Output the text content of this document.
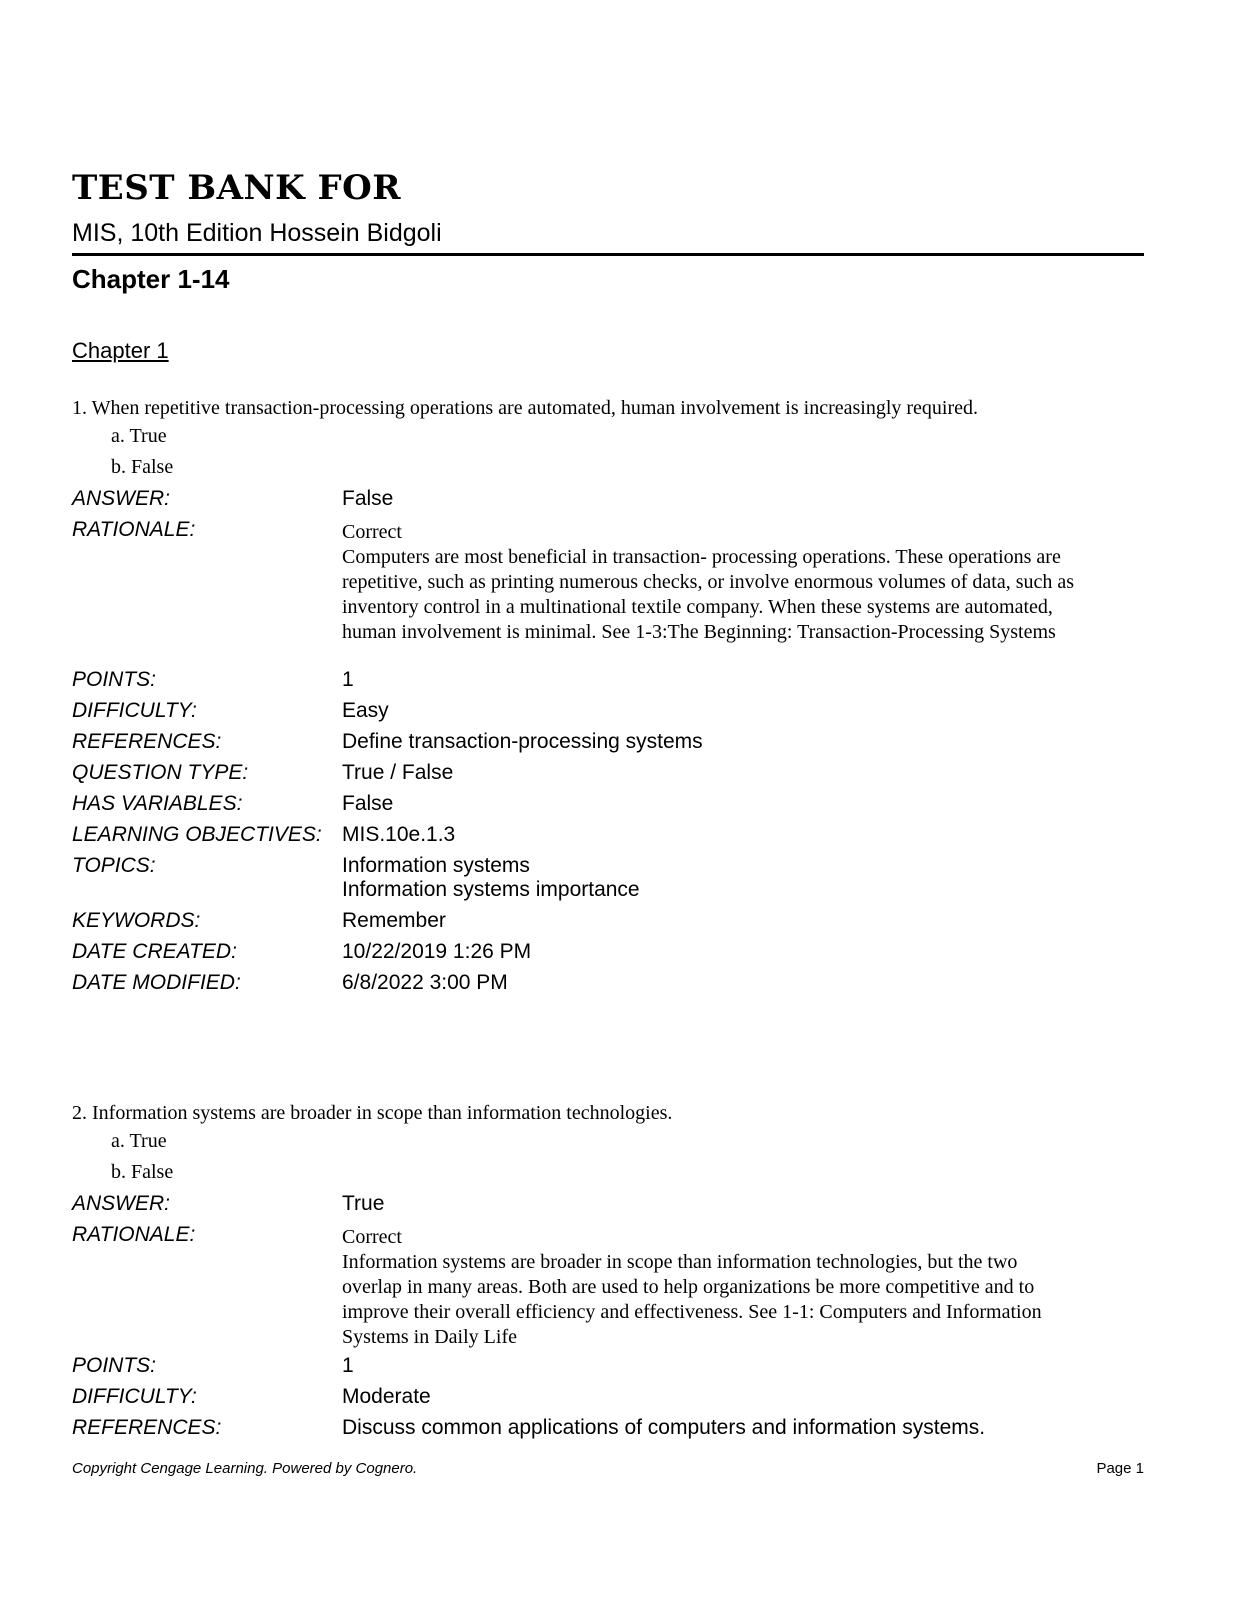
TEST BANK FOR
MIS, 10th Edition Hossein Bidgoli
Chapter 1-14
Chapter 1
1. When repetitive transaction-processing operations are automated, human involvement is increasingly required.
a. True
b. False
ANSWER:	False
RATIONALE:	Correct
Computers are most beneficial in transaction- processing operations. These operations are
repetitive, such as printing numerous checks, or involve enormous volumes of data, such as
inventory control in a multinational textile company. When these systems are automated,
human involvement is minimal. See 1-3:The Beginning: Transaction-Processing Systems
POINTS:	1
DIFFICULTY:	Easy
REFERENCES:	Define transaction-processing systems
QUESTION TYPE:	True / False
HAS VARIABLES:	False
LEARNING OBJECTIVES: MIS.10e.1.3
TOPICS:	Information systems
Information systems importance
KEYWORDS:	Remember
DATE CREATED:	10/22/2019 1:26 PM
DATE MODIFIED:	6/8/2022 3:00 PM
2. Information systems are broader in scope than information technologies.
a. True
b. False
ANSWER:	True
RATIONALE:	Correct
Information systems are broader in scope than information technologies, but the two
overlap in many areas. Both are used to help organizations be more competitive and to
improve their overall efficiency and effectiveness. See 1-1: Computers and Information
Systems in Daily Life
POINTS:	1
DIFFICULTY:	Moderate
REFERENCES:	Discuss common applications of computers and information systems.
Copyright Cengage Learning. Powered by Cognero.	Page 1
